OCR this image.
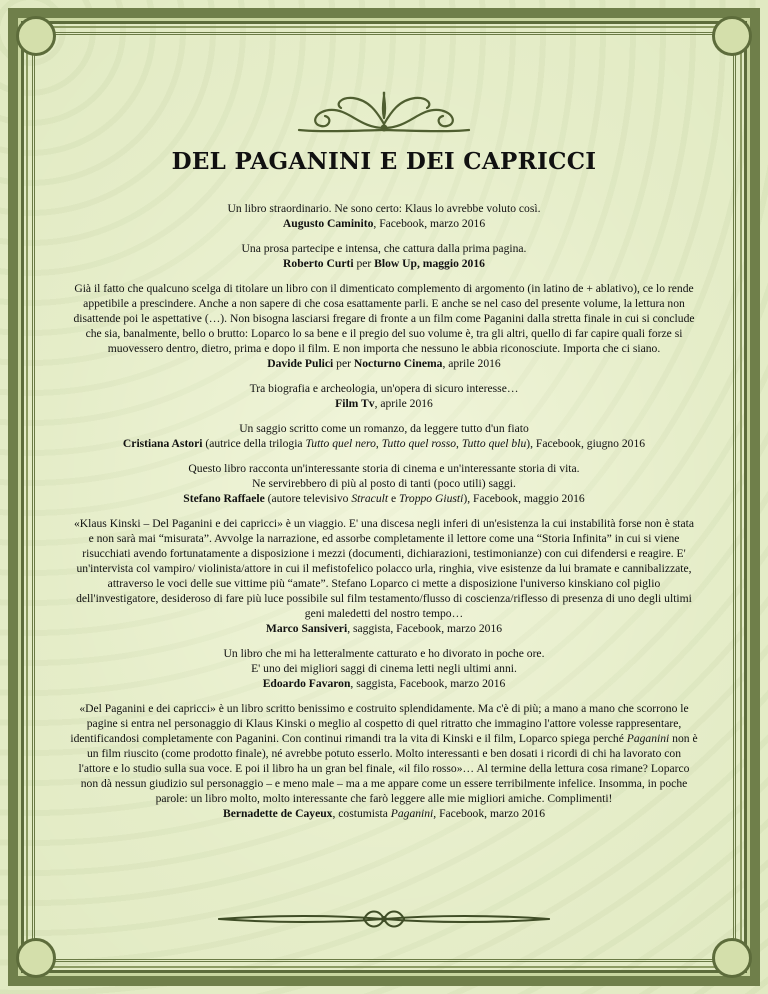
DEL PAGANINI E DEI CAPRICCI

Un libro straordinario. Ne sono certo: Klaus lo avrebbe voluto così.

Augusto Caminito, Facebook, marzo 2016

Una prosa partecipe e intensa, che cattura dalla prima pagina.

Roberto Curti per Blow Up, maggio 2016

Già il fatto che qualcuno scelga di titolare un libro con il dimenticato complemento di argomento (in latino de + ablativo), ce lo rende appetibile a prescindere. Anche a non sapere di che cosa esattamente parli. E anche se nel caso del presente volume, la lettura non disattende poi le aspettative (…). Non bisogna lasciarsi fregare di fronte a un film come Paganini dalla stretta finale in cui si conclude che sia, banalmente, bello o brutto: Loparco lo sa bene e il pregio del suo volume è, tra gli altri, quello di far capire quali forze si muovessero dentro, dietro, prima e dopo il film. E non importa che nessuno le abbia riconosciute. Importa che ci siano.

Davide Pulici per Nocturno Cinema, aprile 2016

Tra biografia e archeologia, un'opera di sicuro interesse…

Film Tv, aprile 2016

Un saggio scritto come un romanzo, da leggere tutto d'un fiato

Cristiana Astori (autrice della trilogia Tutto quel nero, Tutto quel rosso, Tutto quel blu), Facebook, giugno 2016

Questo libro racconta un'interessante storia di cinema e un'interessante storia di vita.

Ne servirebbero di più al posto di tanti (poco utili) saggi.

Stefano Raffaele (autore televisivo Stracult e Troppo Giusti), Facebook, maggio 2016

«Klaus Kinski – Del Paganini e dei capricci» è un viaggio. E' una discesa negli inferi di un'esistenza la cui instabilità forse non è stata e non sarà mai “misurata”. Avvolge la narrazione, ed assorbe completamente il lettore come una “Storia Infinita” in cui si viene risucchiati avendo fortunatamente a disposizione i mezzi (documenti, dichiarazioni, testimonianze) con cui difendersi e reagire. E' un'intervista col vampiro/ violinista/attore in cui il mefistofelico polacco urla, ringhia, vive esistenze da lui bramate e cannibalizzate, attraverso le voci delle sue vittime più “amate”. Stefano Loparco ci mette a disposizione l'universo kinskiano col piglio dell'investigatore, desideroso di fare più luce possibile sul film testamento/flusso di coscienza/riflesso di presenza di uno degli ultimi geni maledetti del nostro tempo…

Marco Sansiveri, saggista, Facebook, marzo 2016

Un libro che mi ha letteralmente catturato e ho divorato in poche ore.

E' uno dei migliori saggi di cinema letti negli ultimi anni.

Edoardo Favaron, saggista, Facebook, marzo 2016

«Del Paganini e dei capricci» è un libro scritto benissimo e costruito splendidamente. Ma c'è di più; a mano a mano che scorrono le pagine si entra nel personaggio di Klaus Kinski o meglio al cospetto di quel ritratto che immagino l'attore volesse rappresentare, identificandosi completamente con Paganini. Con continui rimandi tra la vita di Kinski e il film, Loparco spiega perché Paganini non è un film riuscito (come prodotto finale), né avrebbe potuto esserlo. Molto interessanti e ben dosati i ricordi di chi ha lavorato con l'attore e lo studio sulla sua voce. E poi il libro ha un gran bel finale, «il filo rosso»… Al termine della lettura cosa rimane? Loparco non dà nessun giudizio sul personaggio – e meno male – ma a me appare come un essere terribilmente infelice. Insomma, in poche parole: un libro molto, molto interessante che farò leggere alle mie migliori amiche. Complimenti!

Bernadette de Cayeux, costumista Paganini, Facebook, marzo 2016
